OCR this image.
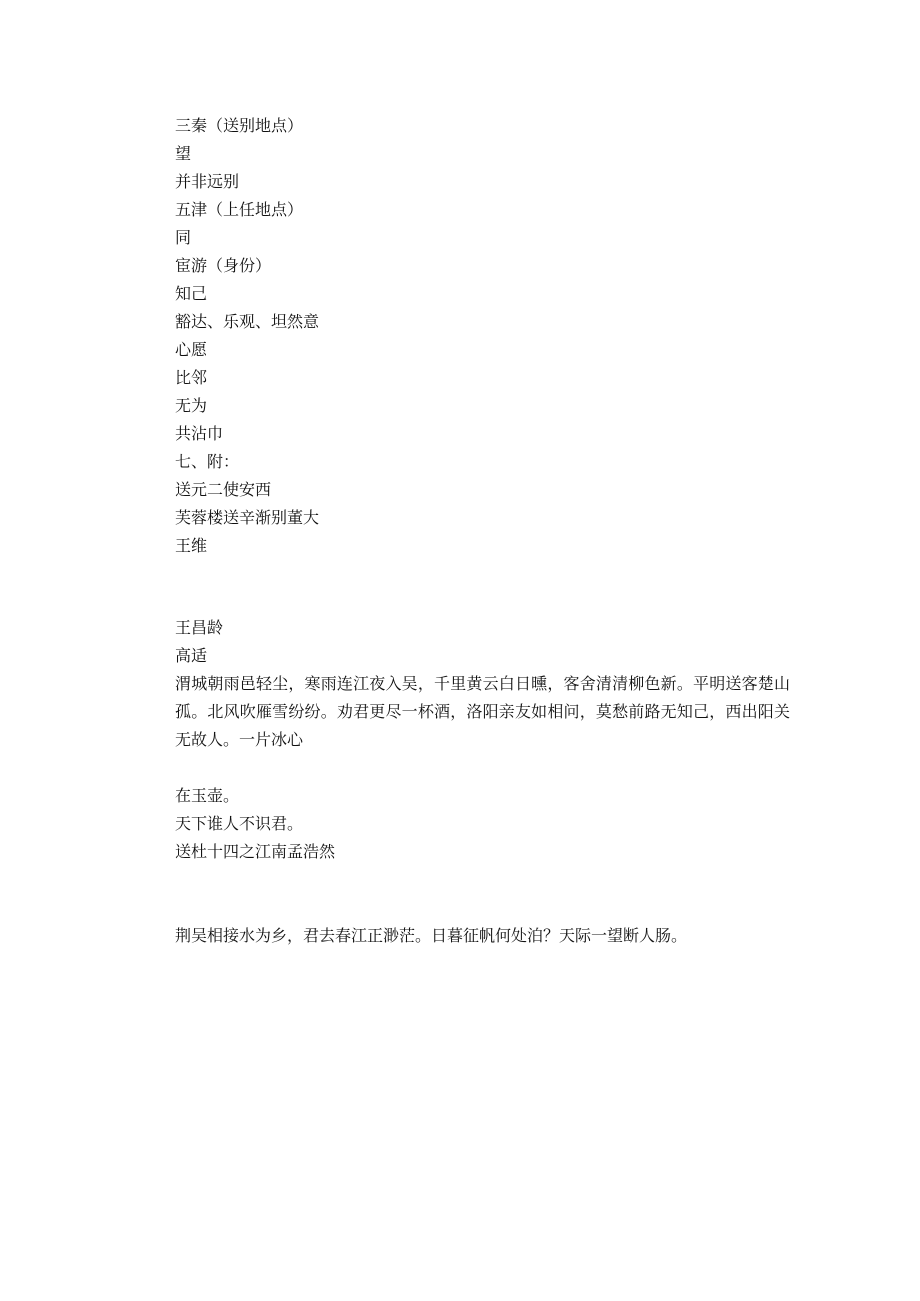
三秦（送别地点）

望

并非远别

五津（上任地点）

同

宦游（身份）

知己

豁达、乐观、坦然意

心愿

比邻

无为

共沾巾

七、附：

送元二使安西

芙蓉楼送辛渐别董大

王维

王昌龄

高适

渭城朝雨邑轻尘，寒雨连江夜入吴，千里黄云白日曛，客舍清清柳色新。平明送客楚山孤。北风吹雁雪纷纷。劝君更尽一杯酒，洛阳亲友如相问，莫愁前路无知己，西出阳关无故人。一片冰心

在玉壶。

天下谁人不识君。

送杜十四之江南孟浩然

荆吴相接水为乡，君去春江正渺茫。日暮征帆何处泊？天际一望断人肠。
